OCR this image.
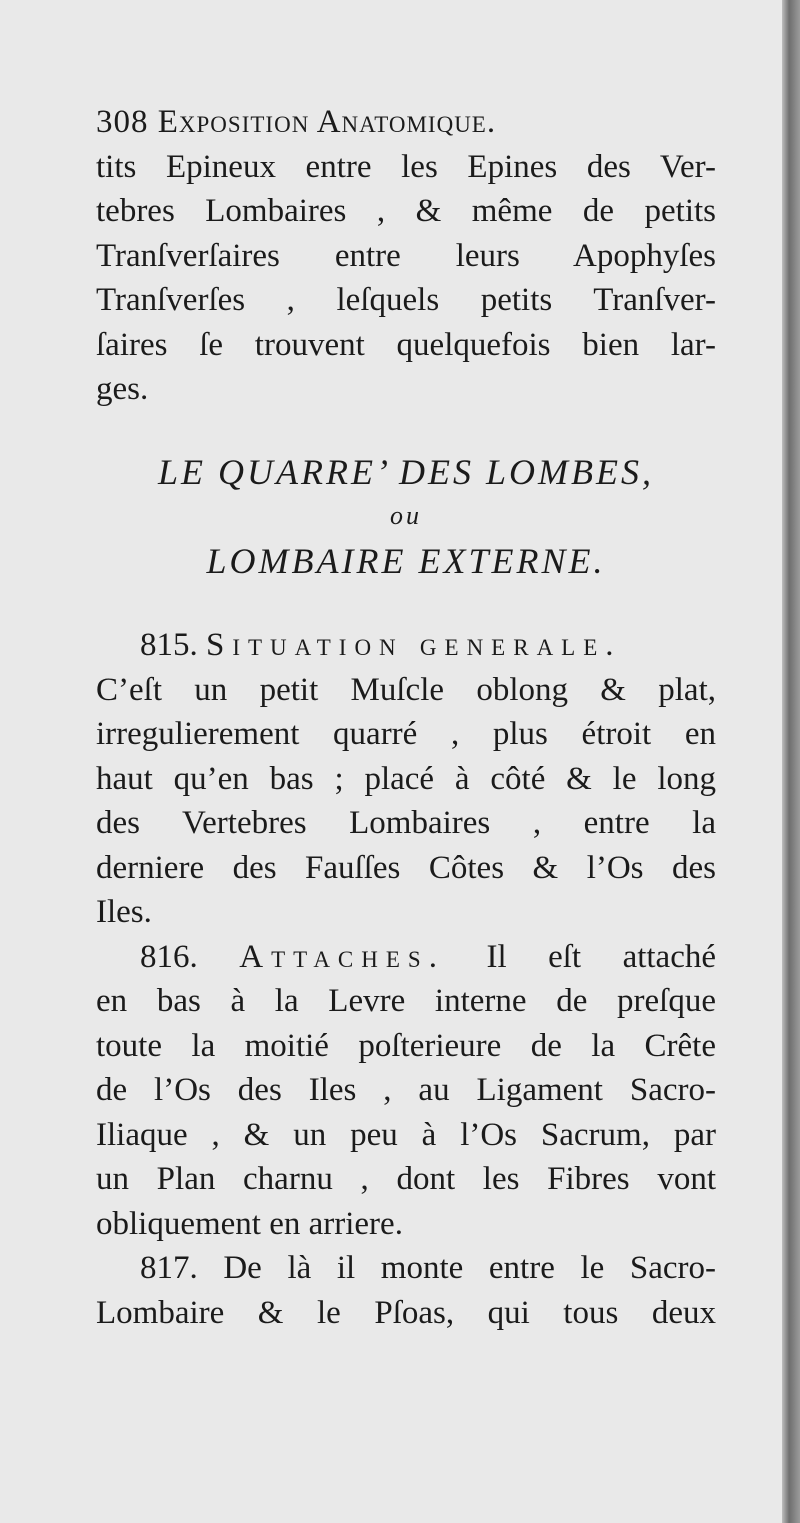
308 Exposition Anatomique.
tits Epineux entre les Epines des Ver-
tebres Lombaires , & même de petits
Tranſverſaires entre leurs Apophyſes
Tranſverſes , leſquels petits Tranſver-
ſaires ſe trouvent quelquefois bien lar-
ges.
LE QUARRE’ DES LOMBES,
ou
LOMBAIRE EXTERNE.
815. Situation generale.
C’eſt un petit Muſcle oblong & plat,
irregulierement quarré , plus étroit en
haut qu’en bas ; placé à côté & le long
des Vertebres Lombaires , entre la
derniere des Fauſſes Côtes & l’Os des
Iles.
816. Attaches. Il eſt attaché
en bas à la Levre interne de preſque
toute la moitié poſterieure de la Crête
de l’Os des Iles , au Ligament Sacro-
Iliaque , & un peu à l’Os Sacrum, par
un Plan charnu , dont les Fibres vont
obliquement en arriere.
817. De là il monte entre le Sacro-
Lombaire & le Pſoas, qui tous deux
